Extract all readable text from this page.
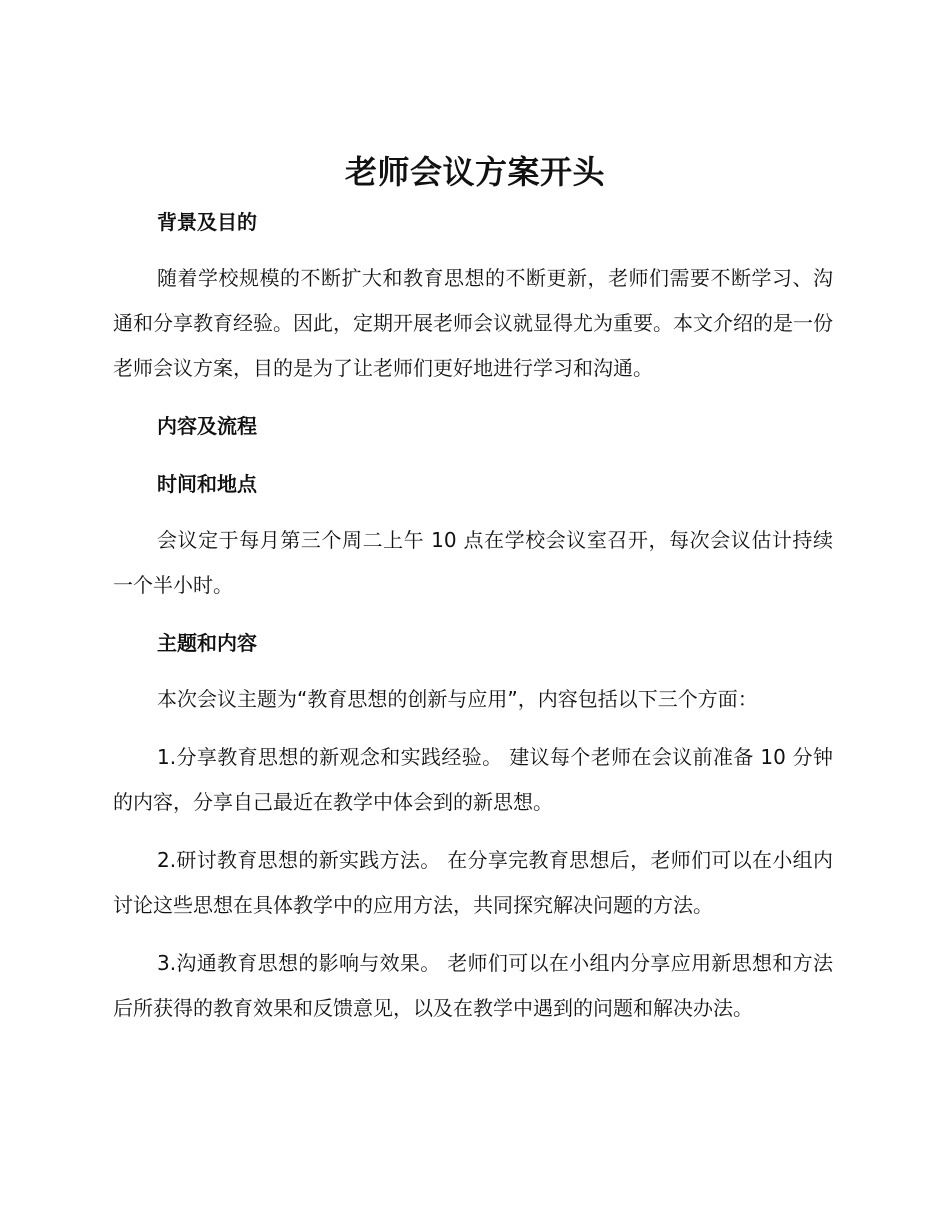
老师会议方案开头
背景及目的

随着学校规模的不断扩大和教育思想的不断更新，老师们需要不断学习、沟通和分享教育经验。因此，定期开展老师会议就显得尤为重要。本文介绍的是一份老师会议方案，目的是为了让老师们更好地进行学习和沟通。

内容及流程
时间和地点

会议定于每月第三个周二上午 10 点在学校会议室召开，每次会议估计持续一个半小时。

主题和内容

本次会议主题为“教育思想的创新与应用”，内容包括以下三个方面：

1.分享教育思想的新观念和实践经验。 建议每个老师在会议前准备 10 分钟的内容，分享自己最近在教学中体会到的新思想。

2.研讨教育思想的新实践方法。 在分享完教育思想后，老师们可以在小组内讨论这些思想在具体教学中的应用方法，共同探究解决问题的方法。

3.沟通教育思想的影响与效果。 老师们可以在小组内分享应用新思想和方法后所获得的教育效果和反馈意见，以及在教学中遇到的问题和解决办法。
